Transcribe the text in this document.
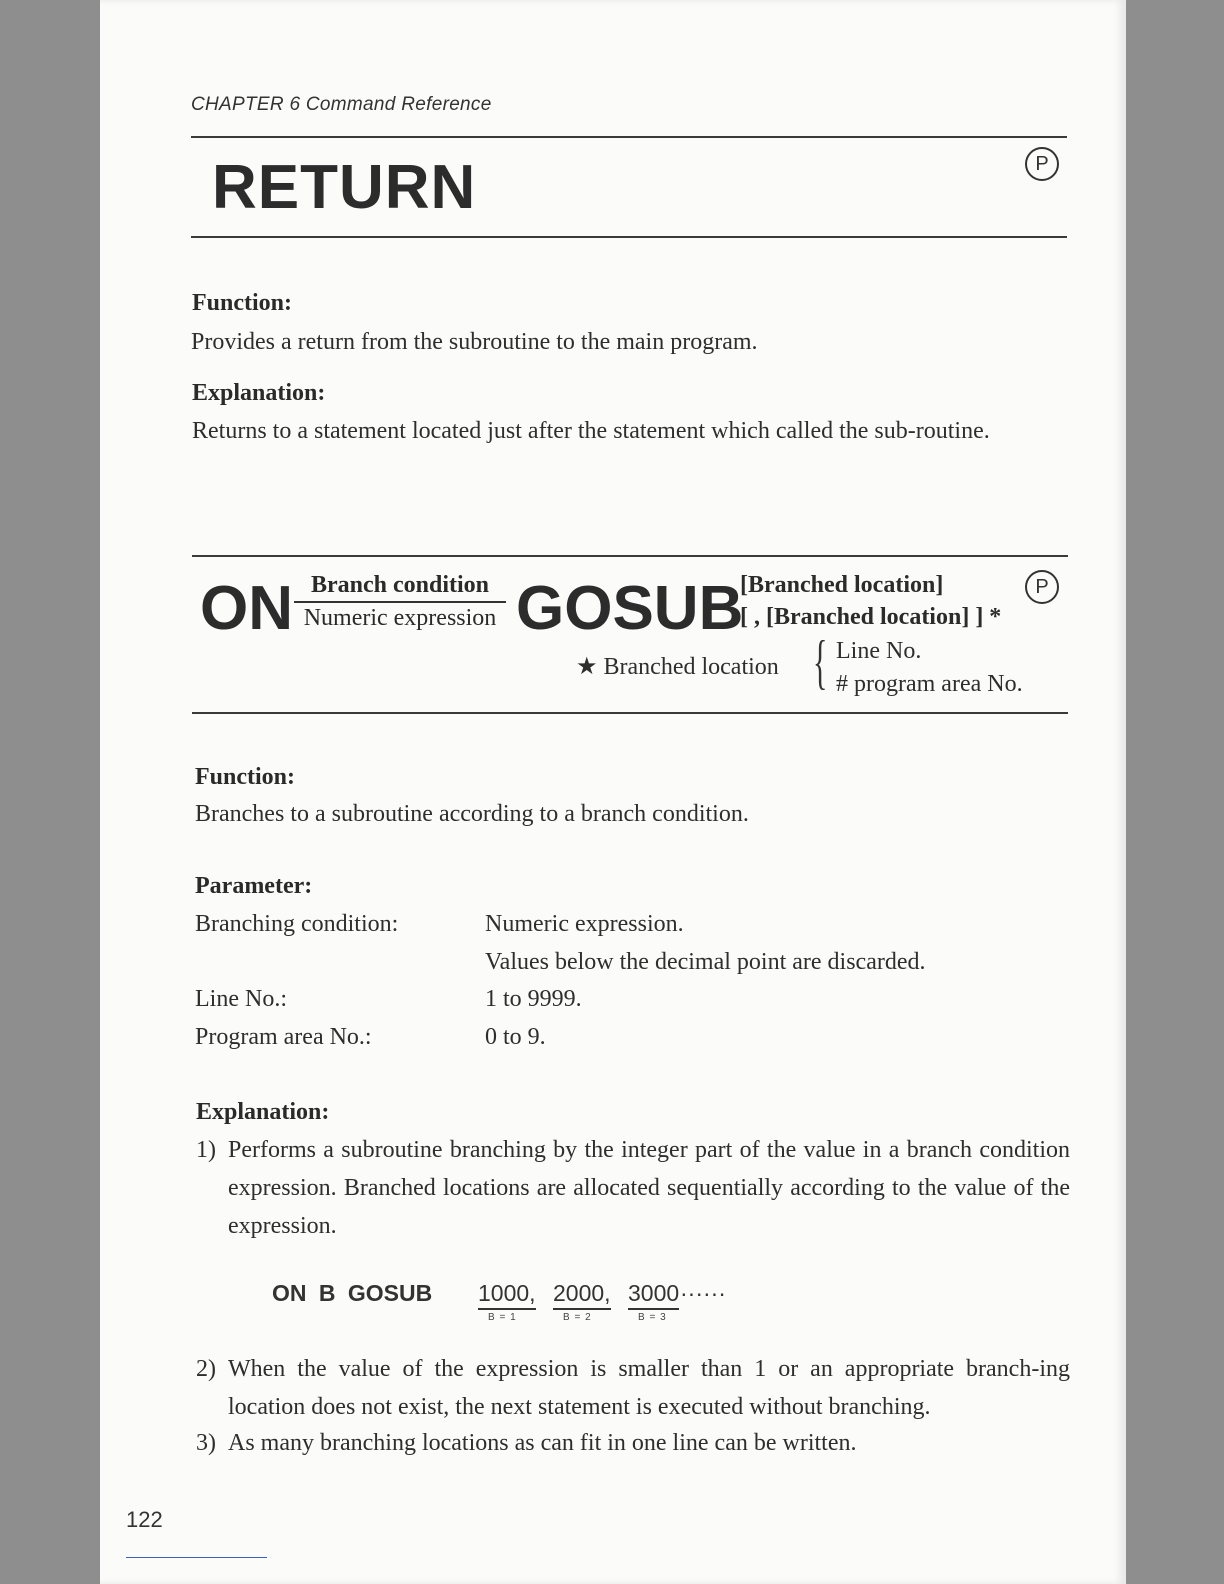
CHAPTER 6 Command Reference
RETURN	P
Function:
Provides a return from the subroutine to the main program.
Explanation:
Returns to a statement located just after the statement which called the sub-routine.
ON Branch condition
Numeric expression GOSUB
[Branched location]
[ , [Branched location] ] *
P
★ Branched location { Line No.
# program area No.
Function:
Branches to a subroutine according to a branch condition.
Parameter:
Branching condition:	Numeric expression.
Values below the decimal point are discarded.
Line No.:	1 to 9999.
Program area No.:	0 to 9.
Explanation:
1) Performs a subroutine branching by the integer part of the value in a branch condition expression. Branched locations are allocated sequentially according to the value of the expression.
ON B GOSUB 1000, 2000, 3000 ······
B = 1	B = 2	B = 3
2) When the value of the expression is smaller than 1 or an appropriate branch-ing location does not exist, the next statement is executed without branching.
3) As many branching locations as can fit in one line can be written.
122
